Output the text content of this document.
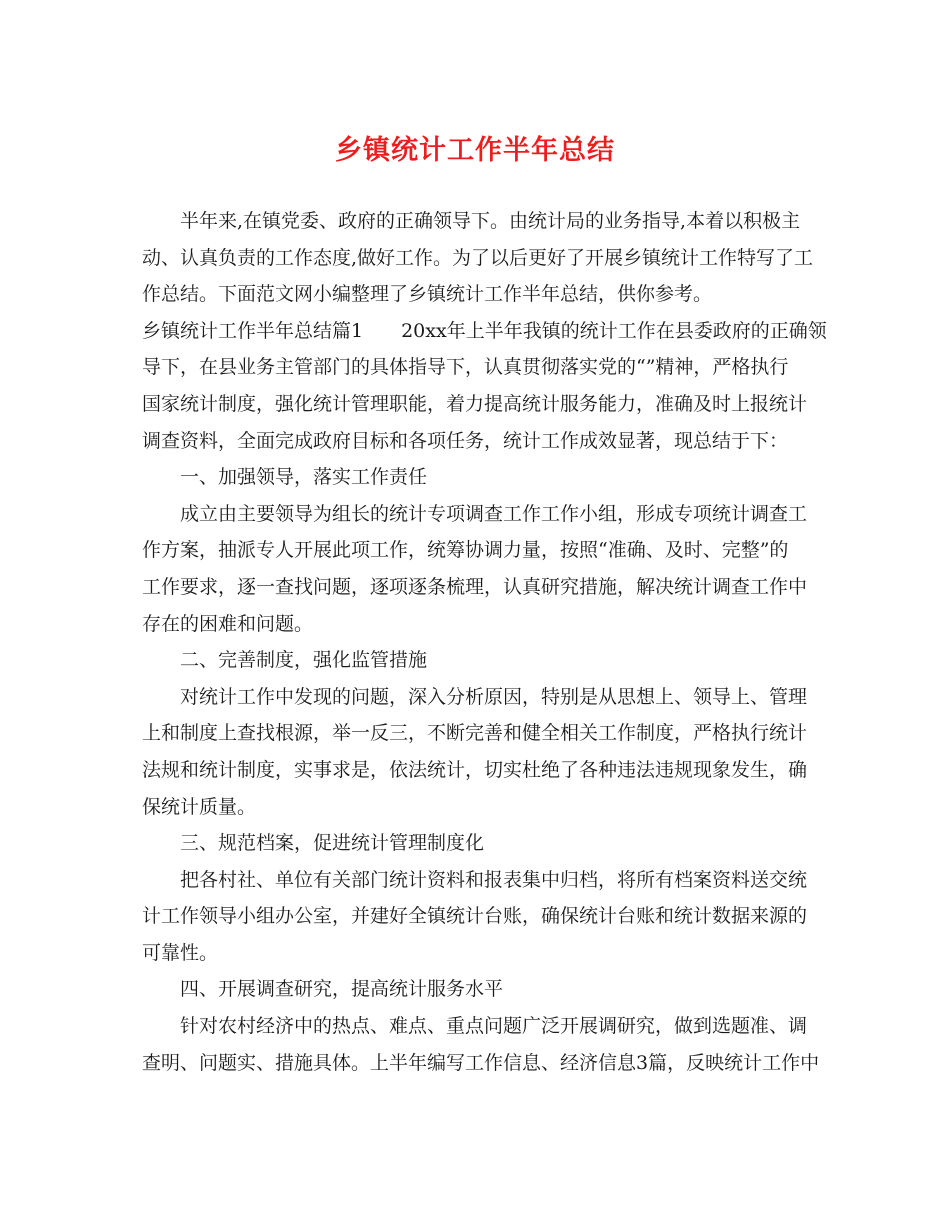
乡镇统计工作半年总结
半年来,在镇党委、政府的正确领导下。由统计局的业务指导,本着以积极主
动、认真负责的工作态度,做好工作。为了以后更好了开展乡镇统计工作特写了工
作总结。下面范文网小编整理了乡镇统计工作半年总结，供你参考。
乡镇统计工作半年总结篇1　　20xx年上半年我镇的统计工作在县委政府的正确领
导下，在县业务主管部门的具体指导下，认真贯彻落实党的“”精神，严格执行
国家统计制度，强化统计管理职能，着力提高统计服务能力，准确及时上报统计
调查资料，全面完成政府目标和各项任务，统计工作成效显著，现总结于下：
一、加强领导，落实工作责任
成立由主要领导为组长的统计专项调查工作工作小组，形成专项统计调查工
作方案，抽派专人开展此项工作，统筹协调力量，按照“准确、及时、完整”的
工作要求，逐一查找问题，逐项逐条梳理，认真研究措施，解决统计调查工作中
存在的困难和问题。
二、完善制度，强化监管措施
对统计工作中发现的问题，深入分析原因，特别是从思想上、领导上、管理
上和制度上查找根源，举一反三，不断完善和健全相关工作制度，严格执行统计
法规和统计制度，实事求是，依法统计，切实杜绝了各种违法违规现象发生，确
保统计质量。
三、规范档案，促进统计管理制度化
把各村社、单位有关部门统计资料和报表集中归档，将所有档案资料送交统
计工作领导小组办公室，并建好全镇统计台账，确保统计台账和统计数据来源的
可靠性。
四、开展调查研究，提高统计服务水平
针对农村经济中的热点、难点、重点问题广泛开展调研究，做到选题准、调
查明、问题实、措施具体。上半年编写工作信息、经济信息3篇，反映统计工作中
